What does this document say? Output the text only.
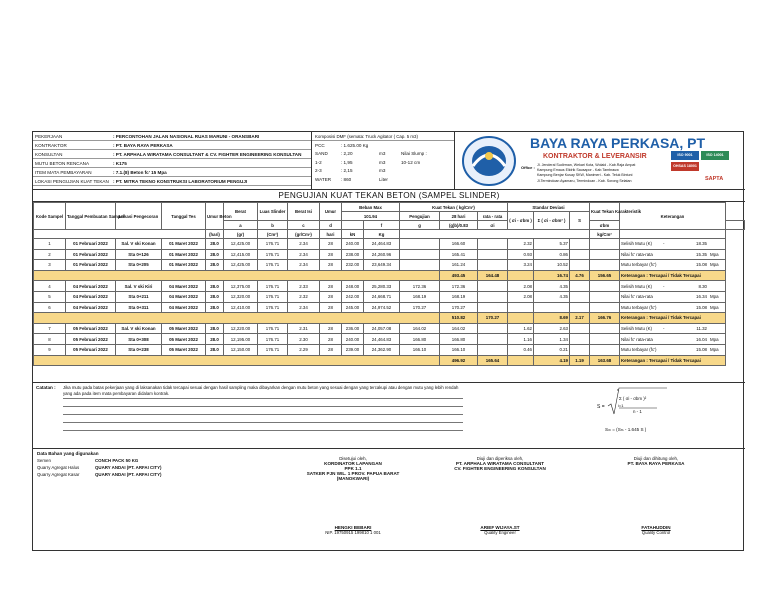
PEKERJAAN	: PERCONTOHAN JALAN NASIONAL RUAS MARUNI - ORANSBARI
KONTRAKTOR	: PT. BAYA RAYA PERKASA
KONSULTAN	: PT. ARPHALA WIRATAMA CONSULTANT & CV. FIGHTER ENGINEERING KONSULTAN
MUTU BETON RENCANA	: K175
ITEM MATA PEMBAYARAN	: 7.1.(8) Beton fc' 15 Mpa
LOKASI PENGUJIAN KUAT TEKAN : PT. MITRA TEKNO KONSTRUKSI LABORATORIUM PENGUJI
Komposisi DMF (semata: Truck Agitator ( Cap. 5 m3)
PCC	: 1.625.00 Kg
SAND	: 2,20	m3	Nilai Slump :
1-2	: 1,95	m3	10-12 cm
2-3	: 2,15	m3
WATER	: 860	Liter
BAYA RAYA PERKASA, PT
KONTRAKTOR & LEVERANSIR
Office : Jl. Jenderal Sudirman, Wekari Kota, Wolaid - Kab.Raja Ampat
Kampung Emaus Elidrik Sausapor - Kab.Tambrauw
Kampung Benjar Kusay SKW, Manimeri - Kab. Teluk Bintuni
Jl.Termindoan Ayamaru, Termindoan - Kab. Sorong Selatan
ISO 9001	ISO 14001OHSAS 18001
SAPTA
PENGUJIAN KUAT TEKAN BETON (SAMPEL SLINDER)
Kode Sampel	Tanggal Pembuatan Sampel	Lokasi Pengecoran	Tanggal Tes	Umur Beton	Berat	Luas Slinder	Berat Isi	Umur	Beban Max		Kuat Tekan ( kg/Cm²)			Standar Deviasi			Kuat Tekan Karakteristik	Keterangan	
									101.94		Pengujian	28 hari	rata - rata	( σi - σbm )	Σ ( σi - σbm² )	S			
					a	b	c	d		f	g	(g)b)/0.83	σi				σbm		
				(hari)	(gr)	(Cm²)	(gr/Cm³)	hari	kN	Kg							kg/Cm²		
1	01 Februari 2022	Sal. V ski Konan	01 Maret 2022	28.0	12,425.00	176.71	2.34	28	240.00	24,464.83		166.60		2.32	5.37			Selisih Mutu (K) - 18.35	
2	01 Februari 2022	Sta 0+126	01 Maret 2022	28.0	12,415.00	176.71	2.34	28	238.00	24,260.96		165.41		0.93	0.86			Nilai fc' rata-rata 15.35 Mpa	
3	01 Februari 2022	Sta 0+205	01 Maret 2022	28.0	12,425.00	176.71	2.34	28	232.00	23,649.34		161.24		3.24	10.52			Mutu terbayar (fc') 15.08 Mpa	
												493.45	164.48		16.74	4.76	156.65	Keterangan : Tercapai / Tidak Tercapai	
4	04 Februari 2022	Sal. V ski Kiri	04 Maret 2022	28.0	12,375.00	176.71	2.33	28	248.00	25,280.33	172.36	172.36		2.08	4.35			Selisih Mutu (K) - 8.30	
5	04 Februari 2022	Sta 0+211	04 Maret 2022	28.0	12,320.00	176.71	2.32	28	242.00	24,668.71	168.19	168.19		2.08	4.35			Nilai fc' rata-rata 16.34 Mpa	
6	04 Februari 2022	Sta 0+311	04 Maret 2022	28.0	12,410.00	176.71	2.34	28	245.00	24,974.52	170.27	170.27						Mutu terbayar (fc') 15.08 Mpa	
												510.82	170.27		8.69	2.17	166.76	Keterangan : Tercapai / Tidak Tercapai	
7	05 Februari 2022	Sal. V ski Konan	05 Maret 2022	28.0	12,220.00	176.71	2.31	28	236.00	24,057.08	164.02	164.02		1.62	2.63			Selisih Mutu (K) - 11.32	
8	05 Februari 2022	Sta 0+308	05 Maret 2022	28.0	12,195.00	176.71	2.30	28	240.00	24,464.83	166.80	166.80		1.16	1.34			Nilai fc' rata-rata 16.04 Mpa	
9	05 Februari 2022	Sta 0+238	05 Maret 2022	28.0	12,150.00	176.71	2.29	28	239.00	24,362.90	166.10	166.10		0.46	0.21			Mutu terbayar (fc') 15.08 Mpa	
												496.92	165.64		4.19	1.19	163.68	Keterangan : Tercapai / Tidak Tercapai	
Catatan : Jika mutu pada batas pekerjaan yang di laksanakan tidak tercapai sesuai dengan hasil sampling maka dibayarkan dengan mutu beton yang sesuai dengan yang tercakupi atau dengan mutu yang lebih rendah
yang ada pada item mata pembayaran didalam kontrak.
n
Σ ( σi - σbm )²
i=1
S =
n - 1
Sₘ = (Sₘ - 1.645 S )
Data Bahan yang digunakan
Semen	CONCH PACK 50 KG
Quarry Agregat Halus	QUARY ANDAI (PT. ARFAI CITY)
Quarry Agregat Kasar	QUARY ANDAI (PT. ARFAI CITY)
Disetujui oleh,
KORDINATOR LAPANGAN
PPK 1.1
SATKER PJN WIL. 1 PROV. PAPUA BARAT
(MANOKWARI)
HENGKI BEBARI
NIP. 19750915 199810 1 001
Diuji dan diperiksa oleh,
PT. ARPHALA WIRATAMA CONSULTANT
CV. FIGHTER ENGINEERING KONSULTAN
ARIEF WIJAYA.ST
Quality Engineer
Diuji dan dihitung oleh,
PT. BAYA RAYA PERKASA
FATAHUDDIN
Quality Control
